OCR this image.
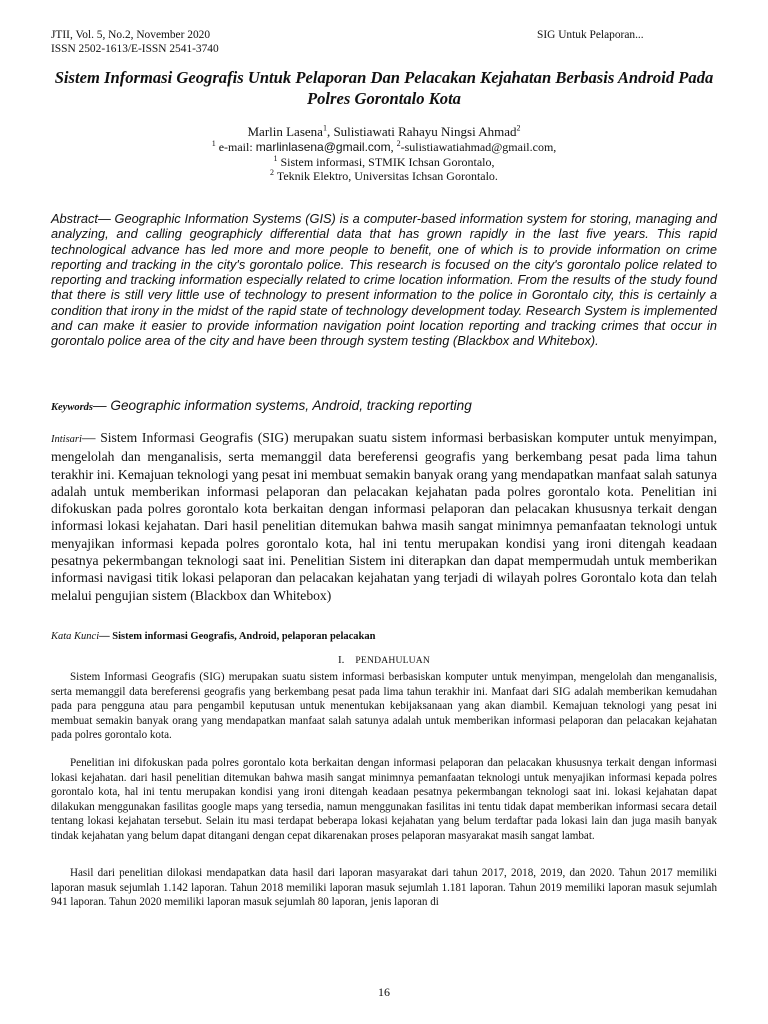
JTII, Vol. 5, No.2, November 2020
ISSN 2502-1613/E-ISSN 2541-3740
SIG Untuk Pelaporan...
Sistem Informasi Geografis Untuk Pelaporan Dan Pelacakan Kejahatan Berbasis Android Pada Polres Gorontalo Kota
Marlin Lasena$^1$, Sulistiawati Rahayu Ningsi Ahmad$^2$
$^1$ e-mail: marlinlasena@gmail.com, $^2$-sulistiawatiahmad@gmail.com,
$^1$ Sistem informasi, STMIK Ichsan Gorontalo,
$^2$ Teknik Elektro, Universitas Ichsan Gorontalo.

Abstract— Geographic Information Systems (GIS) is a computer-based information system for storing, managing and analyzing, and calling geographicly differential data that has grown rapidly in the last five years. This rapid technological advance has led more and more people to benefit, one of which is to provide information on crime reporting and tracking in the city's gorontalo police. This research is focused on the city's gorontalo police related to reporting and tracking information especially related to crime location information. From the results of the study found that there is still very little use of technology to present information to the police in Gorontalo city, this is certainly a condition that irony in the midst of the rapid state of technology development today. Research System is implemented and can make it easier to provide information navigation point location reporting and tracking crimes that occur in gorontalo police area of the city and have been through system testing (Blackbox and Whitebox).

Keywords— Geographic information systems, Android, tracking reporting

Intisari— Sistem Informasi Geografis (SIG) merupakan suatu sistem informasi berbasiskan komputer untuk menyimpan, mengelolah dan menganalisis, serta memanggil data bereferensi geografis yang berkembang pesat pada lima tahun terakhir ini. Kemajuan teknologi yang pesat ini membuat semakin banyak orang yang mendapatkan manfaat salah satunya adalah untuk memberikan informasi pelaporan dan pelacakan kejahatan pada polres gorontalo kota. Penelitian ini difokuskan pada polres gorontalo kota berkaitan dengan informasi pelaporan dan pelacakan khususnya terkait dengan informasi lokasi kejahatan. Dari hasil penelitian ditemukan bahwa masih sangat minimnya pemanfaatan teknologi untuk menyajikan informasi kepada polres gorontalo kota, hal ini tentu merupakan kondisi yang ironi ditengah keadaan pesatnya pekermbangan teknologi saat ini. Penelitian Sistem ini diterapkan dan dapat mempermudah untuk memberikan informasi navigasi titik lokasi pelaporan dan pelacakan kejahatan yang terjadi di wilayah polres Gorontalo kota dan telah melalui pengujian sistem (Blackbox dan Whitebox)

Kata Kunci— Sistem informasi Geografis, Android, pelaporan pelacakan

I. PENDAHULUAN

Sistem Informasi Geografis (SIG) merupakan suatu sistem informasi berbasiskan komputer untuk menyimpan, mengelolah dan menganalisis, serta memanggil data bereferensi geografis yang berkembang pesat pada lima tahun terakhir ini. Manfaat dari SIG adalah memberikan kemudahan pada para pengguna atau para pengambil keputusan untuk menentukan kebijaksanaan yang akan diambil. Kemajuan teknologi yang pesat ini membuat semakin banyak orang yang mendapatkan manfaat salah satunya adalah untuk memberikan informasi pelaporan dan pelacakan kejahatan pada polres gorontalo kota.

Penelitian ini difokuskan pada polres gorontalo kota berkaitan dengan informasi pelaporan dan pelacakan khususnya terkait dengan informasi lokasi kejahatan. dari hasil penelitian ditemukan bahwa masih sangat minimnya pemanfaatan teknologi untuk menyajikan informasi kepada polres gorontalo kota, hal ini tentu merupakan kondisi yang ironi ditengah keadaan pesatnya pekermbangan teknologi saat ini. lokasi kejahatan dapat dilakukan menggunakan fasilitas google maps yang tersedia, namun menggunakan fasilitas ini tentu tidak dapat memberikan informasi secara detail tentang lokasi kejahatan tersebut. Selain itu masi terdapat beberapa lokasi kejahatan yang belum terdaftar pada lokasi lain dan juga masih banyak tindak kejahatan yang belum dapat ditangani dengan cepat dikarenakan proses pelaporan masyarakat masih sangat lambat.

Hasil dari penelitian dilokasi mendapatkan data hasil dari laporan masyarakat dari tahun 2017, 2018, 2019, dan 2020. Tahun 2017 memiliki laporan masuk sejumlah 1.142 laporan. Tahun 2018 memiliki laporan masuk sejumlah 1.181 laporan. Tahun 2019 memiliki laporan masuk sejumlah 941 laporan. Tahun 2020 memiliki laporan masuk sejumlah 80 laporan, jenis laporan di

16
